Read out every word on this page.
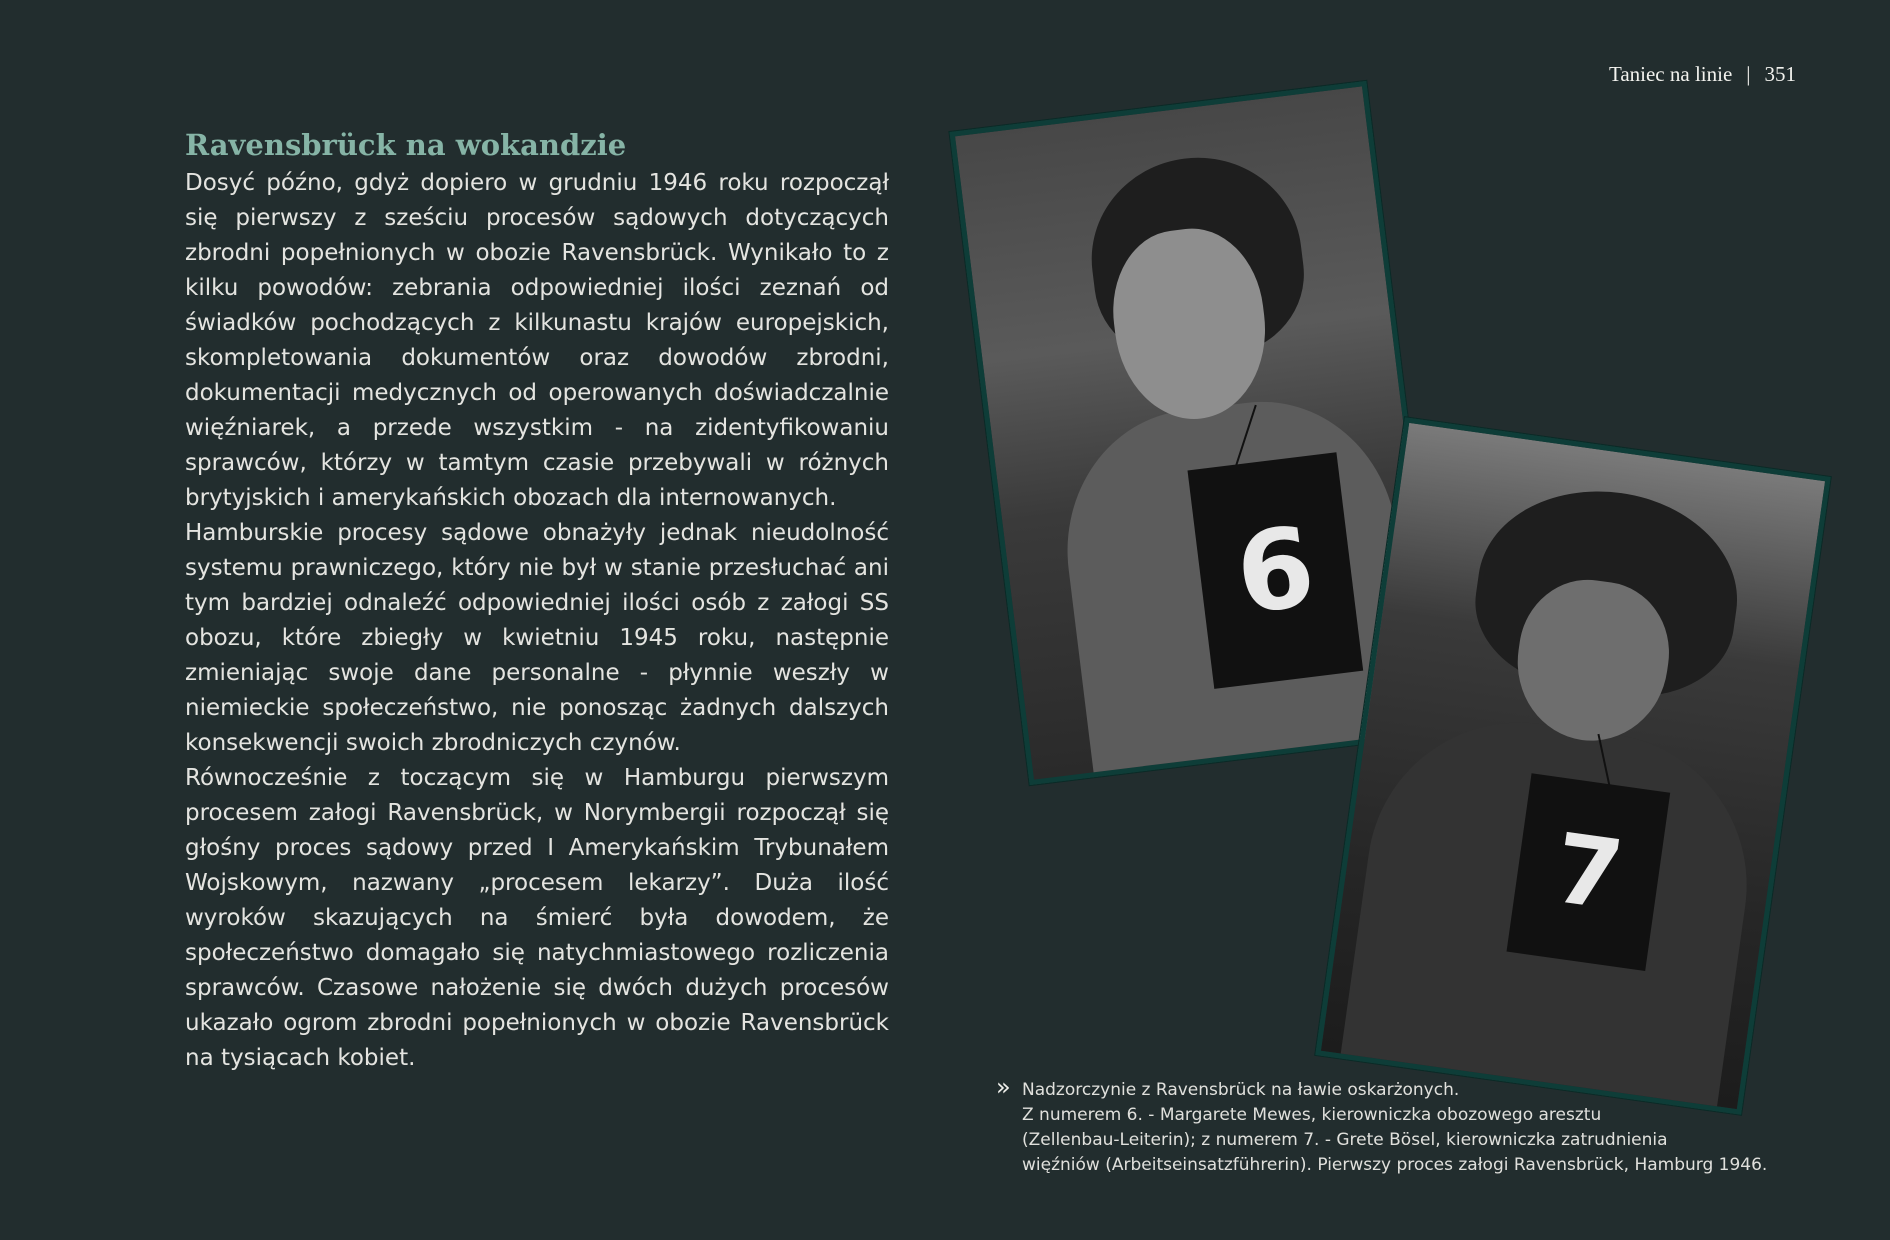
Taniec na linie | 351
Ravensbrück na wokandzie

Dosyć późno, gdyż dopiero w grudniu 1946 roku rozpoczął się pierwszy z sześciu procesów sądowych dotyczących zbrodni popełnionych w obozie Ravensbrück. Wynikało to z kilku powodów: zebrania odpowiedniej ilości zeznań od świadków pochodzących z kilkunastu krajów europejskich, skompletowania dokumentów oraz dowodów zbrodni, dokumentacji medycznych od operowanych doświadczalnie więźniarek, a przede wszystkim - na zidentyfikowaniu sprawców, którzy w tamtym czasie przebywali w różnych brytyjskich i amerykańskich obozach dla internowanych.

Hamburskie procesy sądowe obnażyły jednak nieudolność systemu prawniczego, który nie był w stanie przesłuchać ani tym bardziej odnaleźć odpowiedniej ilości osób z załogi SS obozu, które zbiegły w kwietniu 1945 roku, następnie zmieniając swoje dane personalne - płynnie weszły w niemieckie społeczeństwo, nie ponosząc żadnych dalszych konsekwencji swoich zbrodniczych czynów.

Równocześnie z toczącym się w Hamburgu pierwszym procesem załogi Ravensbrück, w Norymbergii rozpoczął się głośny proces sądowy przed I Amerykańskim Trybunałem Wojskowym, nazwany „procesem lekarzy”. Duża ilość wyroków skazujących na śmierć była dowodem, że społeczeństwo domagało się natychmiastowego rozliczenia sprawców. Czasowe nałożenie się dwóch dużych procesów ukazało ogrom zbrodni popełnionych w obozie Ravensbrück na tysiącach kobiet.

6
7
» Nadzorczynie z Ravensbrück na ławie oskarżonych.
Z numerem 6. - Margarete Mewes, kierowniczka obozowego aresztu
(Zellenbau-Leiterin); z numerem 7. - Grete Bösel, kierowniczka zatrudnienia
więźniów (Arbeitseinsatzführerin). Pierwszy proces załogi Ravensbrück, Hamburg 1946.
